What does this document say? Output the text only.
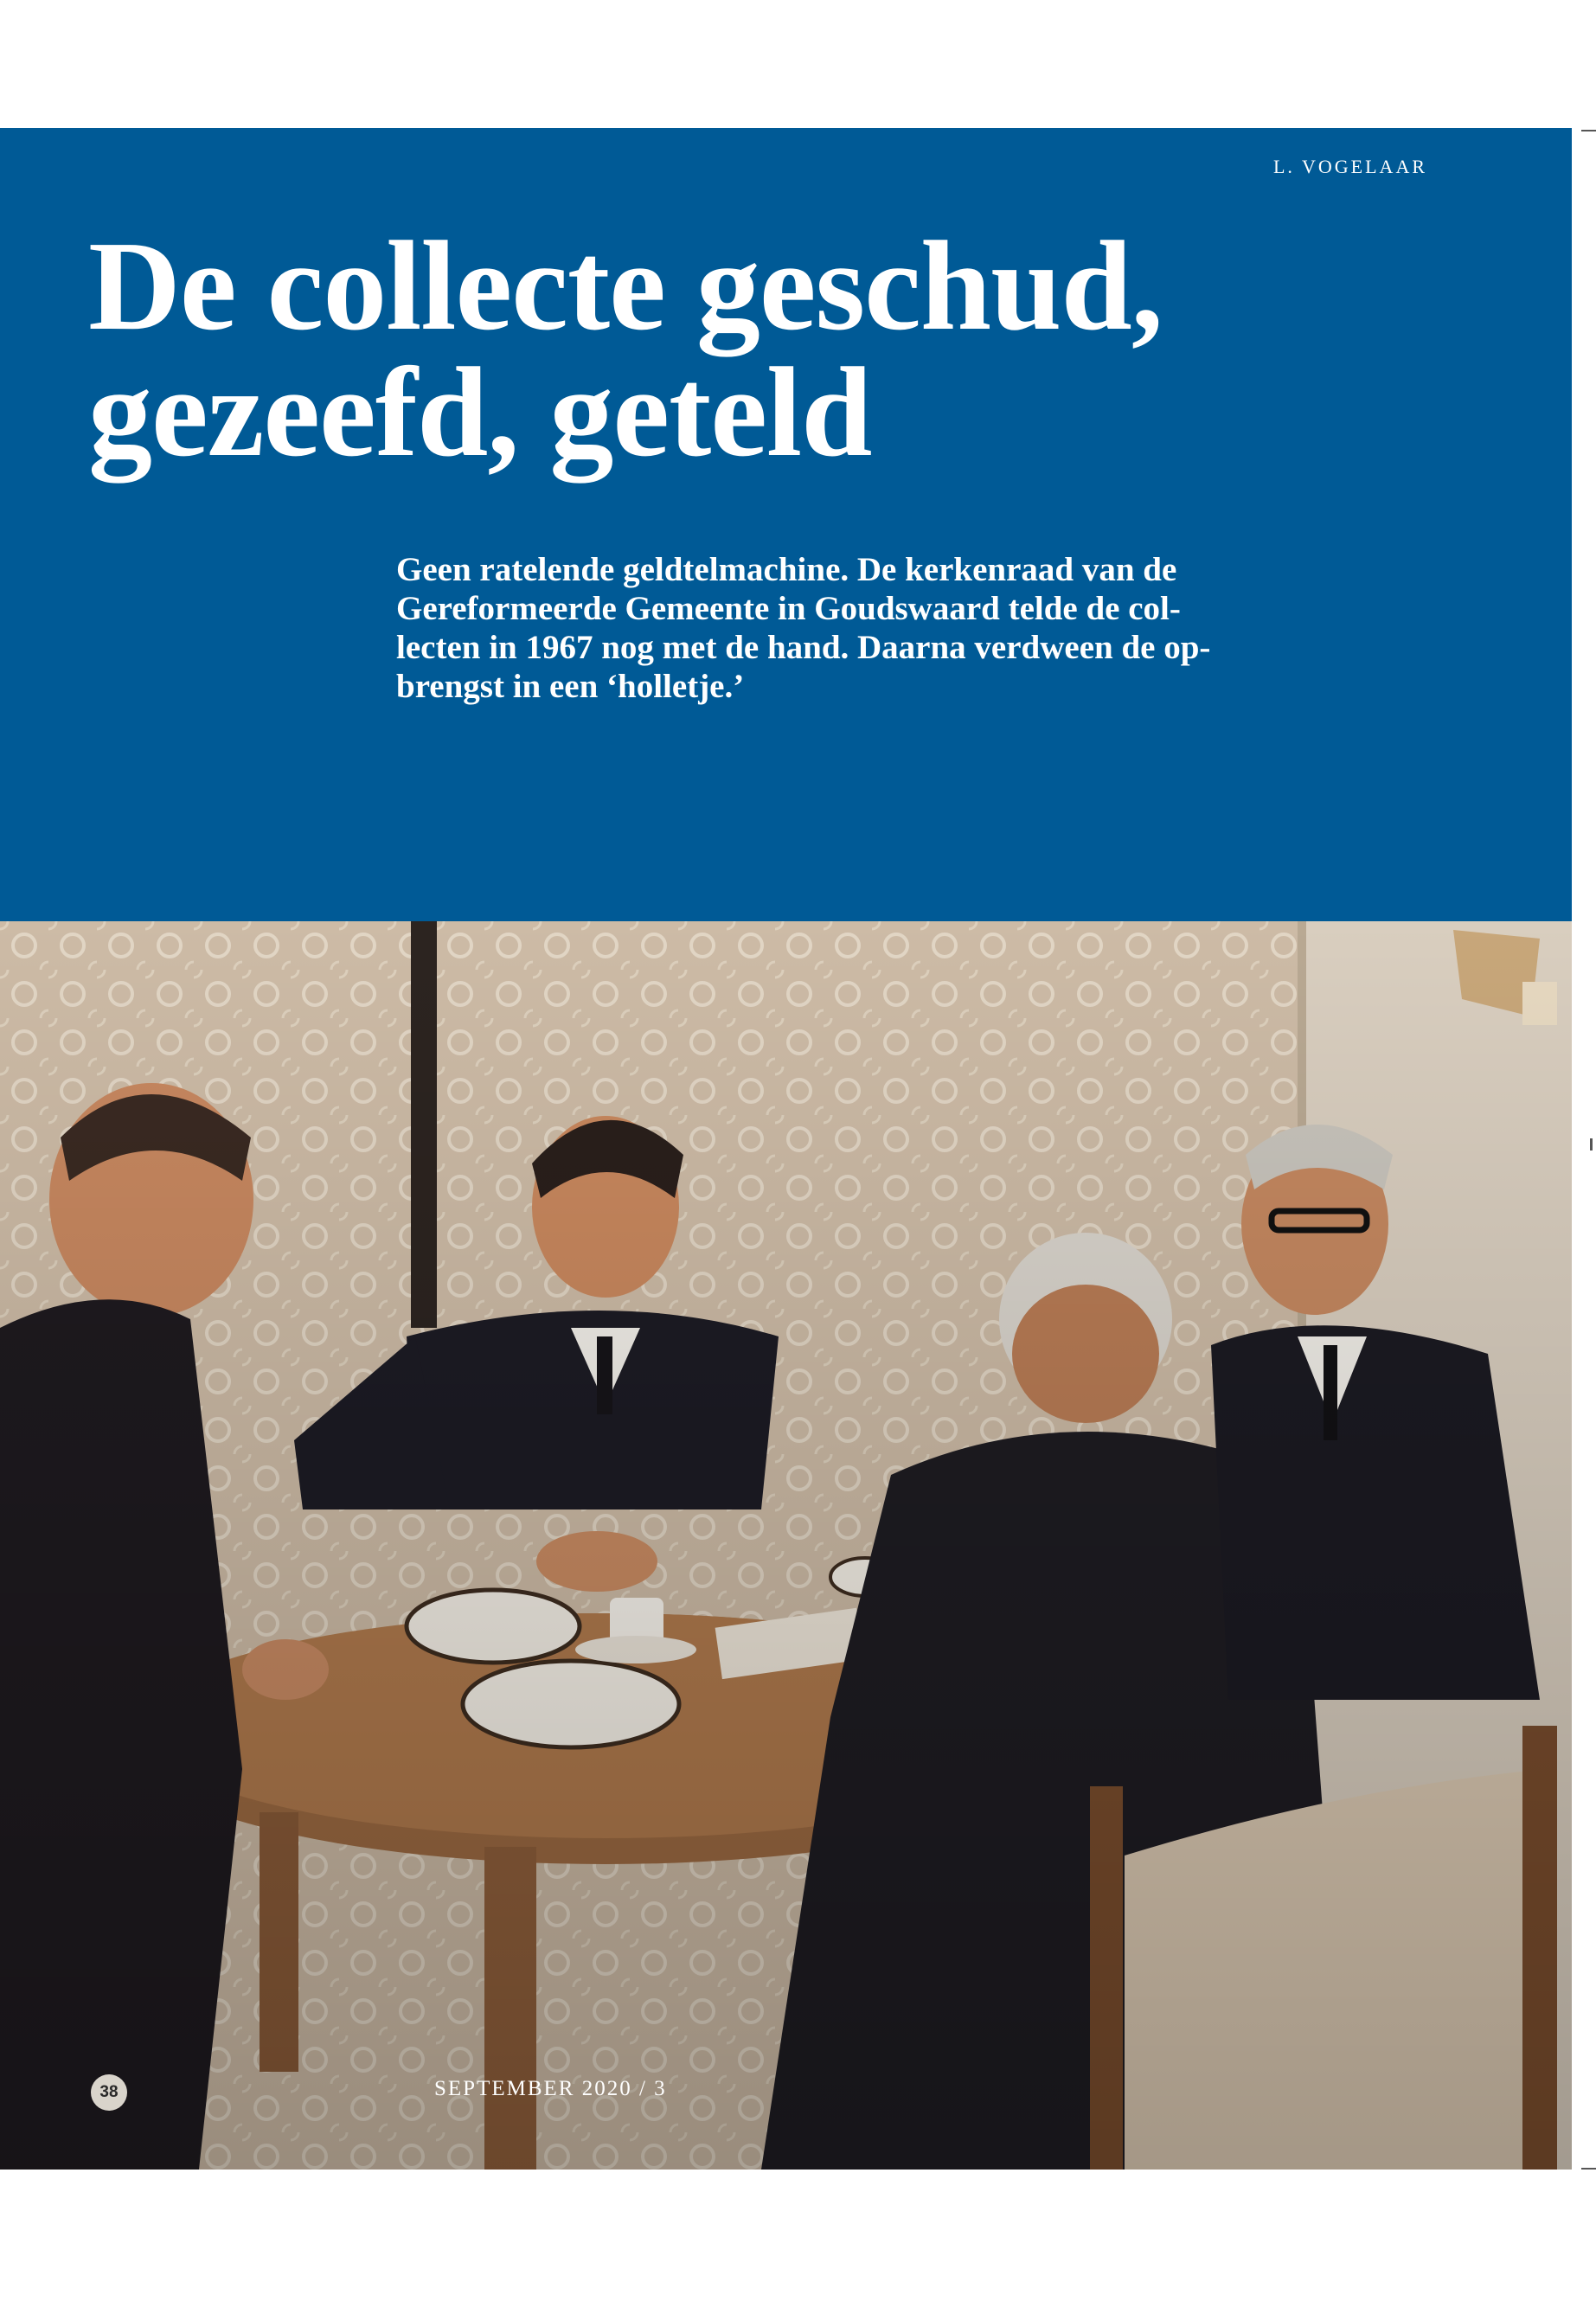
L. VOGELAAR
De collecte geschud,
gezeefd, geteld

Geen ratelende geldtelmachine. De kerkenraad van de
Gereformeerde Gemeente in Goudswaard telde de col-
lecten in 1967 nog met de hand. Daarna verdween de op-
brengst in een ‘holletje.’

38	SEPTEMBER 2020 / 3
